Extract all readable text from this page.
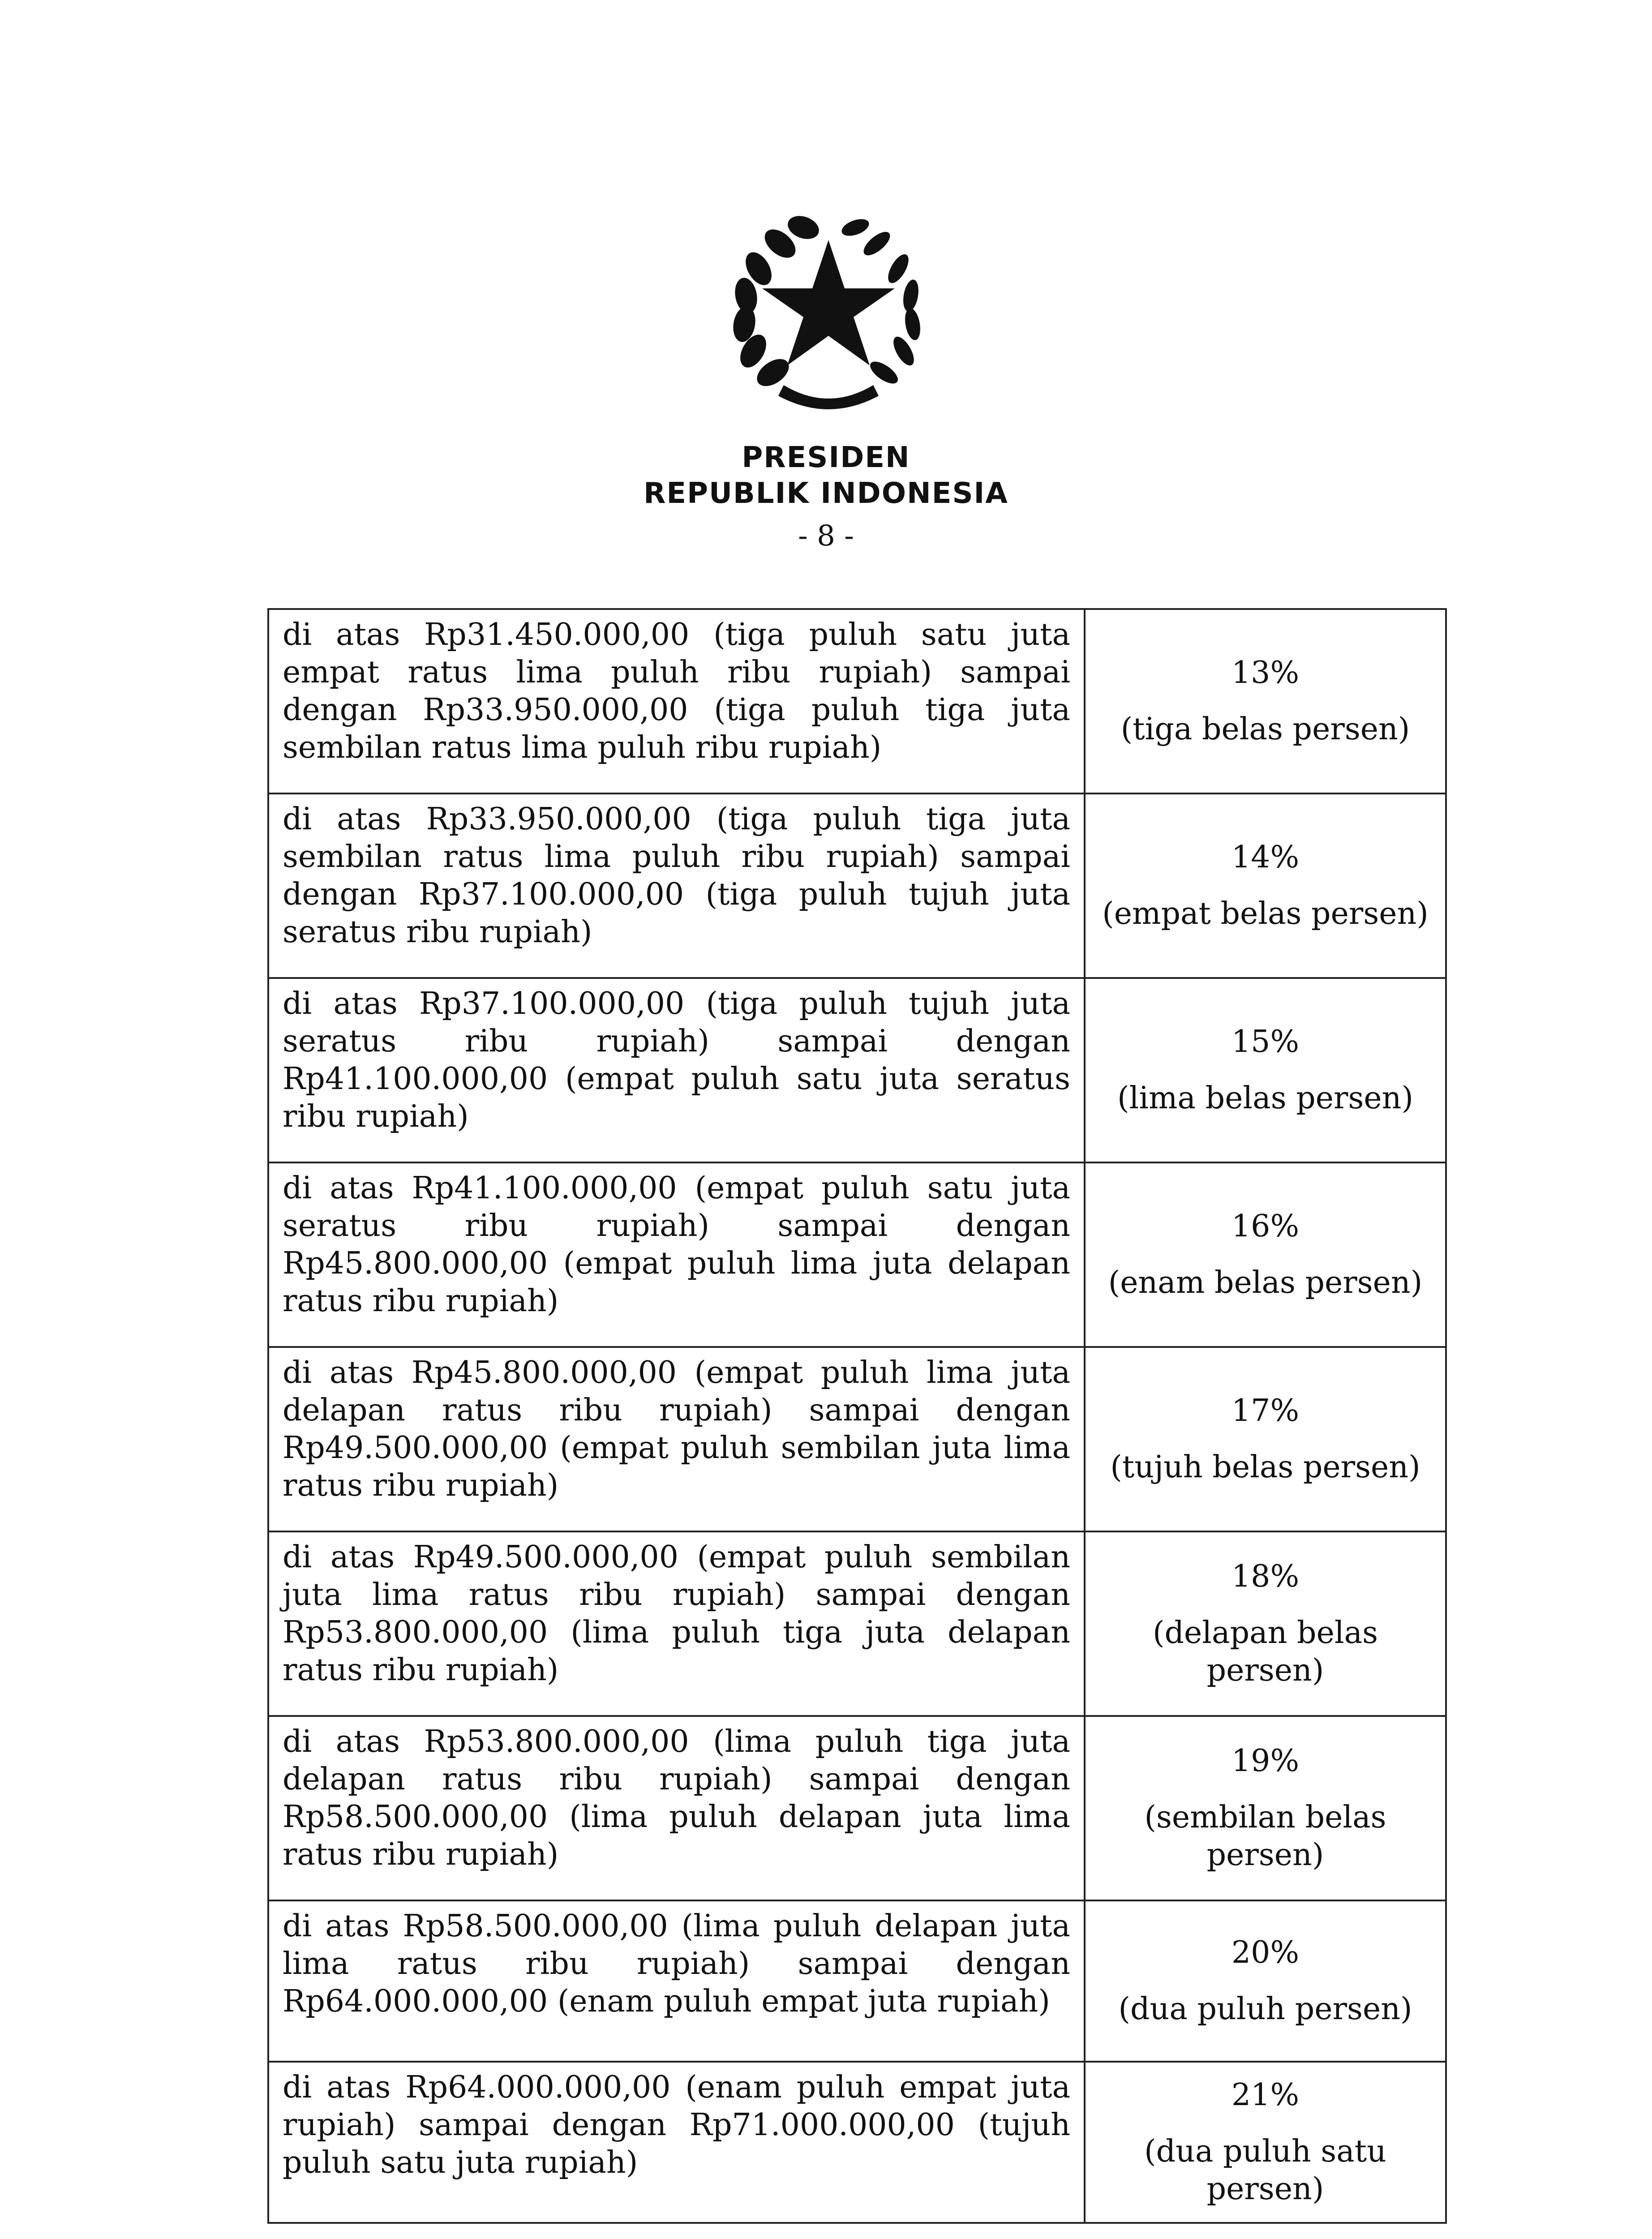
PRESIDEN
REPUBLIK INDONESIA
- 8 -
di atas Rp31.450.000,00 (tiga puluh satu juta empat ratus lima puluh ribu rupiah) sampai dengan Rp33.950.000,00 (tiga puluh tiga juta sembilan ratus lima puluh ribu rupiah)	13%
(tiga belas persen)

di atas Rp33.950.000,00 (tiga puluh tiga juta sembilan ratus lima puluh ribu rupiah) sampai dengan Rp37.100.000,00 (tiga puluh tujuh juta seratus ribu rupiah)	14%
(empat belas persen)

di atas Rp37.100.000,00 (tiga puluh tujuh juta seratus ribu rupiah) sampai dengan Rp41.100.000,00 (empat puluh satu juta seratus ribu rupiah)	15%
(lima belas persen)

di atas Rp41.100.000,00 (empat puluh satu juta seratus ribu rupiah) sampai dengan Rp45.800.000,00 (empat puluh lima juta delapan ratus ribu rupiah)	16%
(enam belas persen)

di atas Rp45.800.000,00 (empat puluh lima juta delapan ratus ribu rupiah) sampai dengan Rp49.500.000,00 (empat puluh sembilan juta lima ratus ribu rupiah)	17%
(tujuh belas persen)

di atas Rp49.500.000,00 (empat puluh sembilan juta lima ratus ribu rupiah) sampai dengan Rp53.800.000,00 (lima puluh tiga juta delapan ratus ribu rupiah)	18%
(delapan belas persen)

di atas Rp53.800.000,00 (lima puluh tiga juta delapan ratus ribu rupiah) sampai dengan Rp58.500.000,00 (lima puluh delapan juta lima ratus ribu rupiah)	19%
(sembilan belas persen)

di atas Rp58.500.000,00 (lima puluh delapan juta lima ratus ribu rupiah) sampai dengan Rp64.000.000,00 (enam puluh empat juta rupiah)	20%
(dua puluh persen)

di atas Rp64.000.000,00 (enam puluh empat juta rupiah) sampai dengan Rp71.000.000,00 (tujuh puluh satu juta rupiah)	21%
(dua puluh satu persen)
